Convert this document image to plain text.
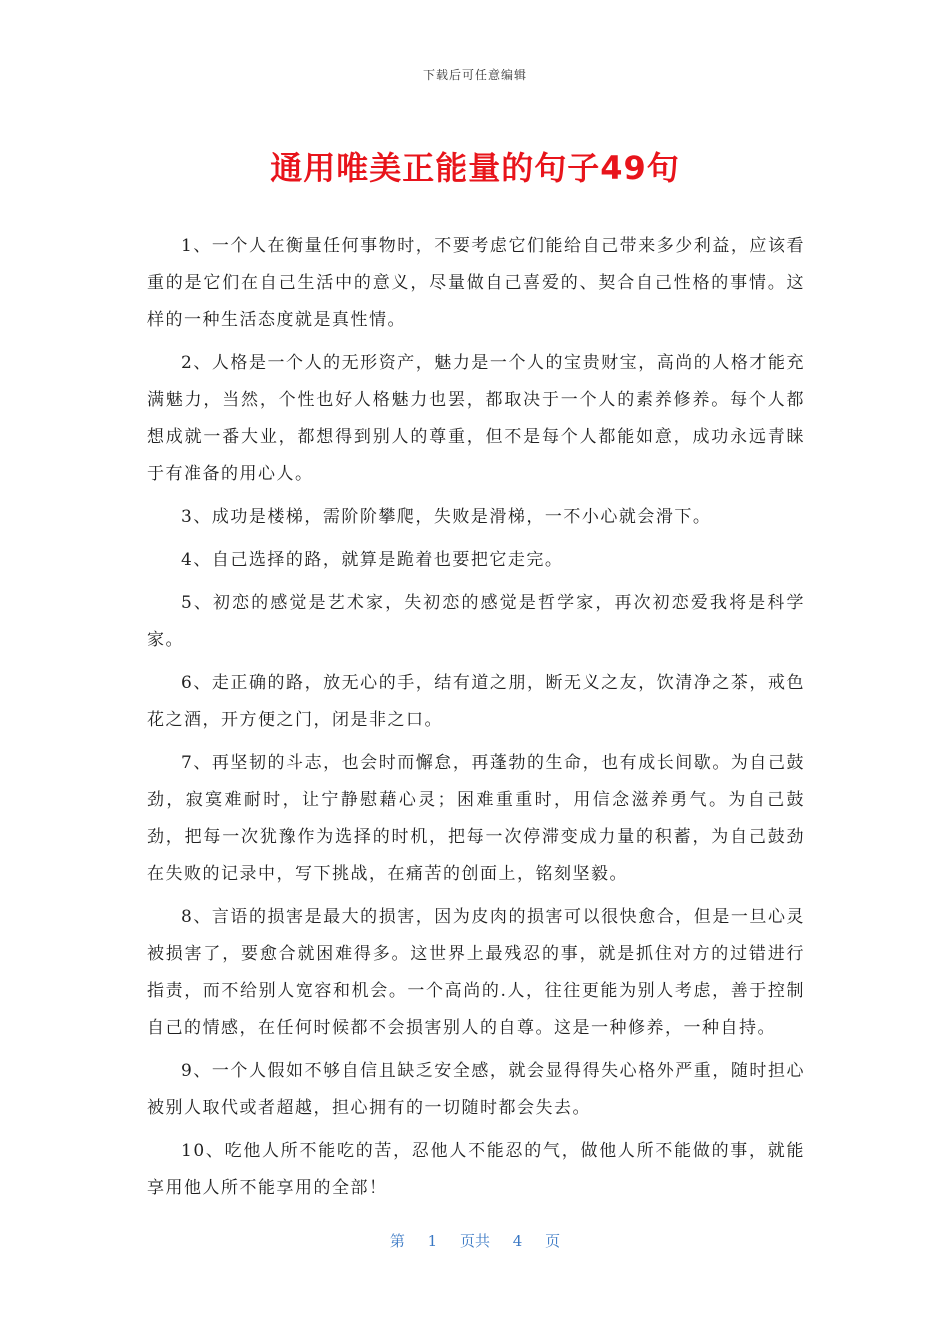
下载后可任意编辑
通用唯美正能量的句子49句

1、一个人在衡量任何事物时，不要考虑它们能给自己带来多少利益，应该看重的是它们在自己生活中的意义，尽量做自己喜爱的、契合自己性格的事情。这样的一种生活态度就是真性情。

2、人格是一个人的无形资产，魅力是一个人的宝贵财宝，高尚的人格才能充满魅力，当然，个性也好人格魅力也罢，都取决于一个人的素养修养。每个人都想成就一番大业，都想得到别人的尊重，但不是每个人都能如意，成功永远青睐于有准备的用心人。

3、成功是楼梯，需阶阶攀爬，失败是滑梯，一不小心就会滑下。

4、自己选择的路，就算是跪着也要把它走完。

5、初恋的感觉是艺术家，失初恋的感觉是哲学家，再次初恋爱我将是科学家。

6、走正确的路，放无心的手，结有道之朋，断无义之友，饮清净之茶，戒色花之酒，开方便之门，闭是非之口。

7、再坚韧的斗志，也会时而懈怠，再蓬勃的生命，也有成长间歇。为自己鼓劲，寂寞难耐时，让宁静慰藉心灵；困难重重时，用信念滋养勇气。为自己鼓劲，把每一次犹豫作为选择的时机，把每一次停滞变成力量的积蓄，为自己鼓劲在失败的记录中，写下挑战，在痛苦的创面上，铭刻坚毅。

8、言语的损害是最大的损害，因为皮肉的损害可以很快愈合，但是一旦心灵被损害了，要愈合就困难得多。这世界上最残忍的事，就是抓住对方的过错进行指责，而不给别人宽容和机会。一个高尚的.人，往往更能为别人考虑，善于控制自己的情感，在任何时候都不会损害别人的自尊。这是一种修养，一种自持。

9、一个人假如不够自信且缺乏安全感，就会显得得失心格外严重，随时担心被别人取代或者超越，担心拥有的一切随时都会失去。

10、吃他人所不能吃的苦，忍他人不能忍的气，做他人所不能做的事，就能享用他人所不能享用的全部！

第 1 页共 4 页
